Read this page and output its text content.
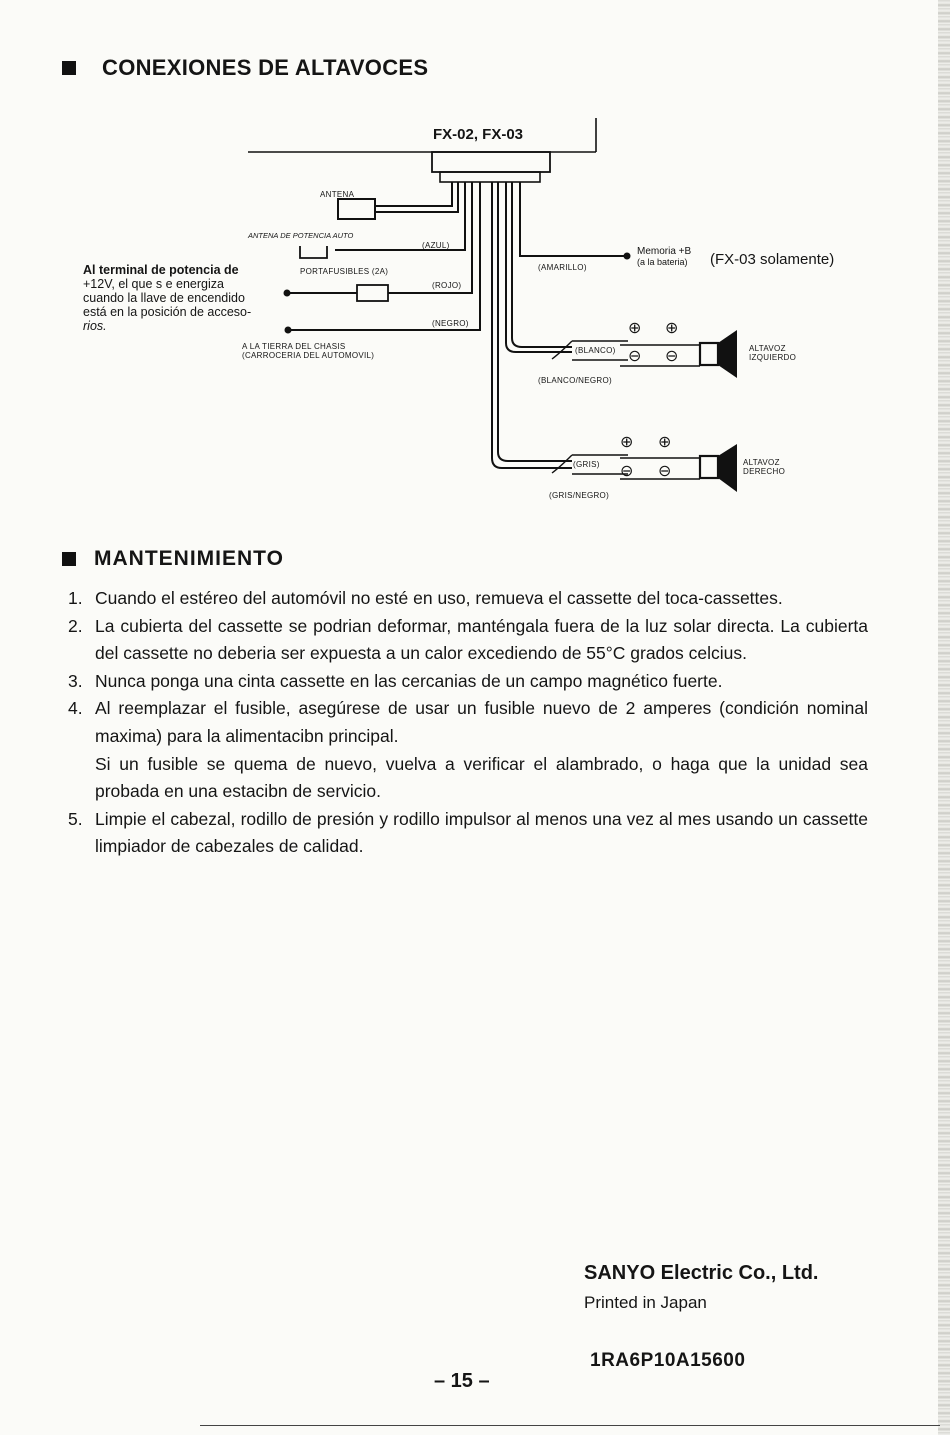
CONEXIONES DE ALTAVOCES
FX-02, FX-03
ANTENA
ANTENA DE POTENCIA AUTO
(AZUL)
PORTAFUSIBLES (2A)
(ROJO)
(NEGRO)
A LA TIERRA DEL CHASIS
(CARROCERIA DEL AUTOMOVIL)
Al terminal de potencia de
+12V, el que s e energiza
cuando la llave de encendido
está en la posición de acceso-
rios.
(AMARILLO)
Memoria +B
(a la bateria) (FX-03 solamente)
(BLANCO)
(BLANCO/NEGRO)
⊕
⊖
⊕
⊖	ALTAVOZ
IZQUIERDO
(GRIS)
(GRIS/NEGRO)
⊕
⊖
⊕
⊖
ALTAVOZ
DERECHO
MANTENIMIENTO
1. Cuando el estéreo del automóvil no esté en uso, remueva el cassette del toca-cassettes.
2. La cubierta del cassette se podrian deformar, manténgala fuera de la luz solar directa. La cubierta del cassette no deberia ser expuesta a un calor excediendo de 55°C grados celcius.
3. Nunca ponga una cinta cassette en las cercanias de un campo magnético fuerte.
4. Al reemplazar el fusible, asegúrese de usar un fusible nuevo de 2 amperes (condición nominal maxima) para la alimentacibn principal.
Si un fusible se quema de nuevo, vuelva a verificar el alambrado, o haga que la unidad sea probada en una estacibn de servicio.
5. Limpie el cabezal, rodillo de presión y rodillo impulsor al menos una vez al mes usando un cassette limpiador de cabezales de calidad.
SANYO Electric Co., Ltd.
Printed in Japan
1RA6P10A15600
– 15 –
